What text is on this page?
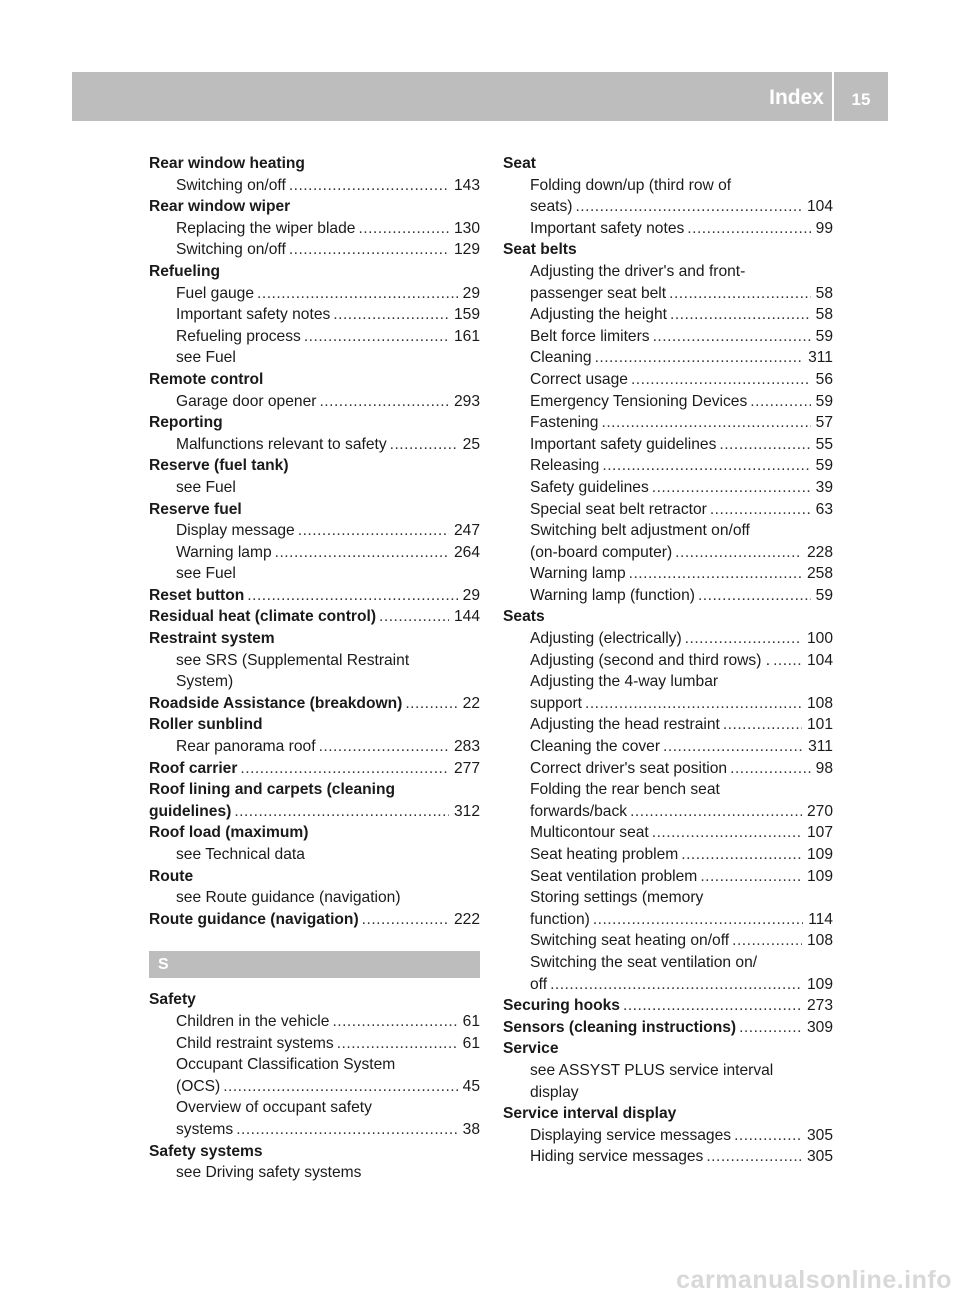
Index	15
Rear window heating
Switching on/off .....	143
Rear window wiper
Replacing the wiper blade .....	130
Switching on/off .....	129
Refueling
Fuel gauge .....	29
Important safety notes .....	159
Refueling process .....	161
see Fuel
Remote control
Garage door opener .....	293
Reporting
Malfunctions relevant to safety .....	25
Reserve (fuel tank)
see Fuel
Reserve fuel
Display message .....	247
Warning lamp .....	264
see Fuel
Reset button .....	29
Residual heat (climate control) .....	144
Restraint system
see SRS (Supplemental Restraint
System)
Roadside Assistance (breakdown) .....	22
Roller sunblind
Rear panorama roof .....	283
Roof carrier .....	277
Roof lining and carpets (cleaning
guidelines) .....	312
Roof load (maximum)
see Technical data
Route
see Route guidance (navigation)
Route guidance (navigation) .....	222
S
Safety
Children in the vehicle .....	61
Child restraint systems .....	61
Occupant Classification System
(OCS) .....	45
Overview of occupant safety
systems .....	38
Safety systems
see Driving safety systems
Seat
Folding down/up (third row of
seats) .....	104
Important safety notes .....	99
Seat belts
Adjusting the driver's and front-
passenger seat belt .....	58
Adjusting the height .....	58
Belt force limiters .....	59
Cleaning .....	311
Correct usage .....	56
Emergency Tensioning Devices .....	59
Fastening .....	57
Important safety guidelines .....	55
Releasing .....	59
Safety guidelines .....	39
Special seat belt retractor .....	63
Switching belt adjustment on/off
(on-board computer) .....	228
Warning lamp .....	258
Warning lamp (function) .....	59
Seats
Adjusting (electrically) .....	100
Adjusting (second and third rows) . ..... 104
Adjusting the 4-way lumbar
support .....	108
Adjusting the head restraint .....	101
Cleaning the cover .....	311
Correct driver's seat position .....	98
Folding the rear bench seat
forwards/back .....	270
Multicontour seat .....	107
Seat heating problem .....	109
Seat ventilation problem .....	109
Storing settings (memory
function) .....	114
Switching seat heating on/off .....	108
Switching the seat ventilation on/
off .....	109
Securing hooks .....	273
Sensors (cleaning instructions) .....	309
Service
see ASSYST PLUS service interval
display
Service interval display
Displaying service messages .....	305
Hiding service messages .....	305
carmanualsonline.info
